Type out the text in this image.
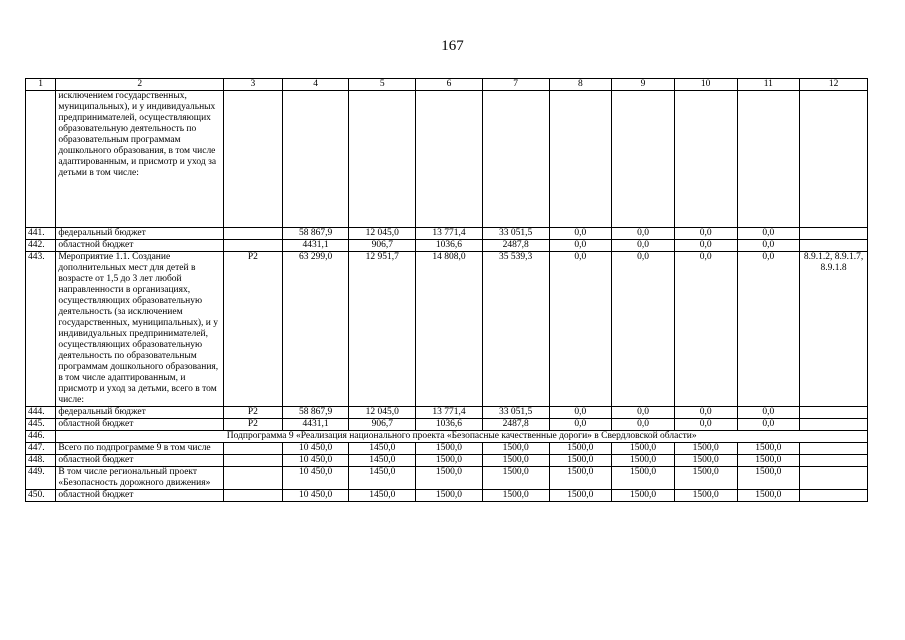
167
1	2	3	4	5	6	7	8	9	10	11	12
	исключением государственных, муниципальных), и у индивидуальных предпринимателей, осуществляющих образовательную деятельность по образовательным программам дошкольного образования, в том числе адаптированным, и присмотр и уход за детьми в том числе:										
441.	федеральный бюджет		58 867,9	12 045,0	13 771,4	33 051,5	0,0	0,0	0,0	0,0	
442.	областной бюджет		4431,1	906,7	1036,6	2487,8	0,0	0,0	0,0	0,0	
443.	Мероприятие 1.1. Создание дополнительных мест для детей в возрасте от 1,5 до 3 лет любой направленности в организациях, осуществляющих образовательную деятельность (за исключением государственных, муниципальных), и у индивидуальных предпринимателей, осуществляющих образовательную деятельность по образовательным программам дошкольного образования, в том числе адаптированным, и присмотр и уход за детьми, всего в том числе:	P2	63 299,0	12 951,7	14 808,0	35 539,3	0,0	0,0	0,0	0,0	8.9.1.2, 8.9.1.7, 8.9.1.8
444.	федеральный бюджет	P2	58 867,9	12 045,0	13 771,4	33 051,5	0,0	0,0	0,0	0,0	
445.	областной бюджет	P2	4431,1	906,7	1036,6	2487,8	0,0	0,0	0,0	0,0	
446.	Подпрограмма 9 «Реализация национального проекта «Безопасные качественные дороги» в Свердловской области»										
447.	Всего по подпрограмме 9 в том числе		10 450,0	1450,0	1500,0	1500,0	1500,0	1500,0	1500,0	1500,0	
448.	областной бюджет		10 450,0	1450,0	1500,0	1500,0	1500,0	1500,0	1500,0	1500,0	
449.	В том числе региональный проект «Безопасность дорожного движения»		10 450,0	1450,0	1500,0	1500,0	1500,0	1500,0	1500,0	1500,0	
450.	областной бюджет		10 450,0	1450,0	1500,0	1500,0	1500,0	1500,0	1500,0	1500,0	
